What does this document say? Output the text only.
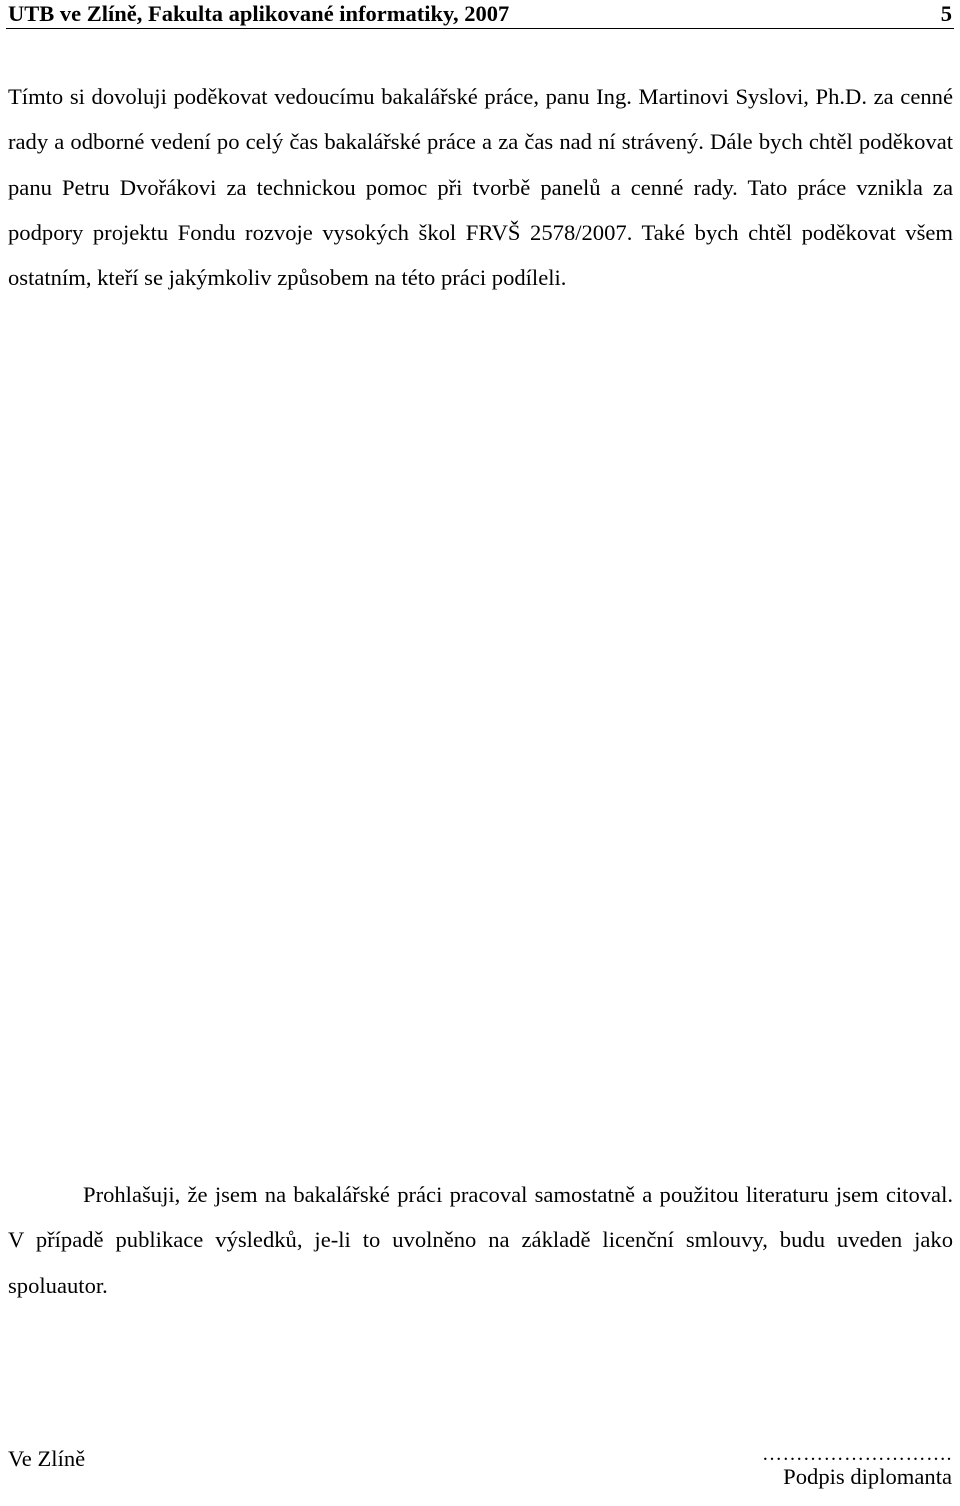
UTB ve Zlíně, Fakulta aplikované informatiky, 2007	5

Tímto si dovoluji poděkovat vedoucímu bakalářské práce, panu Ing. Martinovi Syslovi, Ph.D. za cenné rady a odborné vedení po celý čas bakalářské práce a za čas nad ní strávený. Dále bych chtěl poděkovat panu Petru Dvořákovi za technickou pomoc při tvorbě panelů a cenné rady. Tato práce vznikla za podpory projektu Fondu rozvoje vysokých škol FRVŠ 2578/2007. Také bych chtěl poděkovat všem ostatním, kteří se jakýmkoliv způsobem na této práci podíleli.

Prohlašuji, že jsem na bakalářské práci pracoval samostatně a použitou literaturu jsem citoval. V případě publikace výsledků, je-li to uvolněno na základě licenční smlouvy, budu uveden jako spoluautor.

Ve Zlíně	……………………….
Podpis diplomanta
